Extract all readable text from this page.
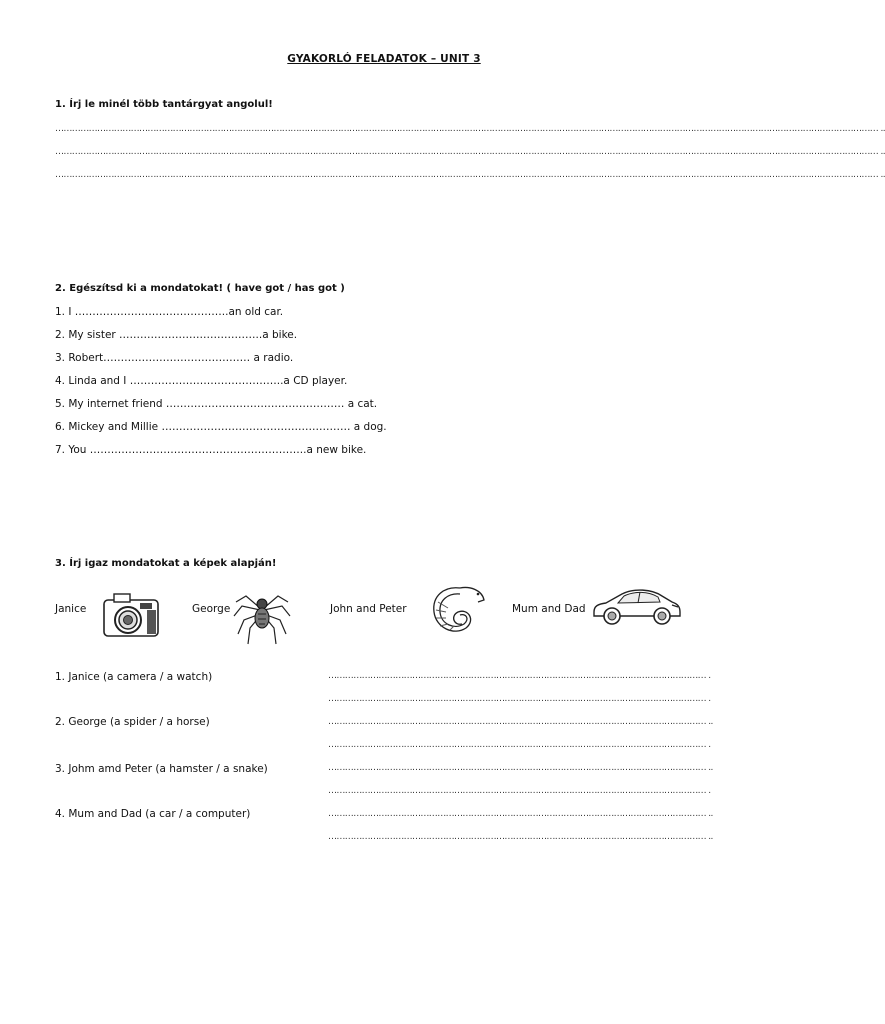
GYAKORLÓ FELADATOK – UNIT 3
1. Írj le minél több tantárgyat angolul!
…………………………………………………………………………………………………………………………………………………………………………………………………………………………………………………………………… ..
…………………………………………………………………………………………………………………………………………………………………………………………………………………………………………………………………… ..
…………………………………………………………………………………………………………………………………………………………………………………………………………………………………………………………………… ..
2. Egészítsd ki a mondatokat! ( have got / has got )
1. I ……………………………………..an old car.
2. My sister …………………………………..a bike.
3. Robert…………………………………… a radio.
4. Linda and I ……………………………………..a CD player.
5. My internet friend …………………………………………… a cat.
6. Mickey and Millie ……………………………………………… a dog.
7. You ……………………………………………………..a new bike.
3. Írj igaz mondatokat a képek alapján!
Janice	George	John and Peter	Mum and Dad
1. Janice (a camera / a watch)
2. George (a spider / a horse)
3. Johm amd Peter (a hamster / a snake)
4. Mum and Dad (a car / a computer)
……………………………………………………………………………………………………………………… .
……………………………………………………………………………………………………………………… .
……………………………………………………………………………………………………………………… ..
……………………………………………………………………………………………………………………… .
……………………………………………………………………………………………………………………… ..
……………………………………………………………………………………………………………………… .
……………………………………………………………………………………………………………………… ..
……………………………………………………………………………………………………………………… ..
